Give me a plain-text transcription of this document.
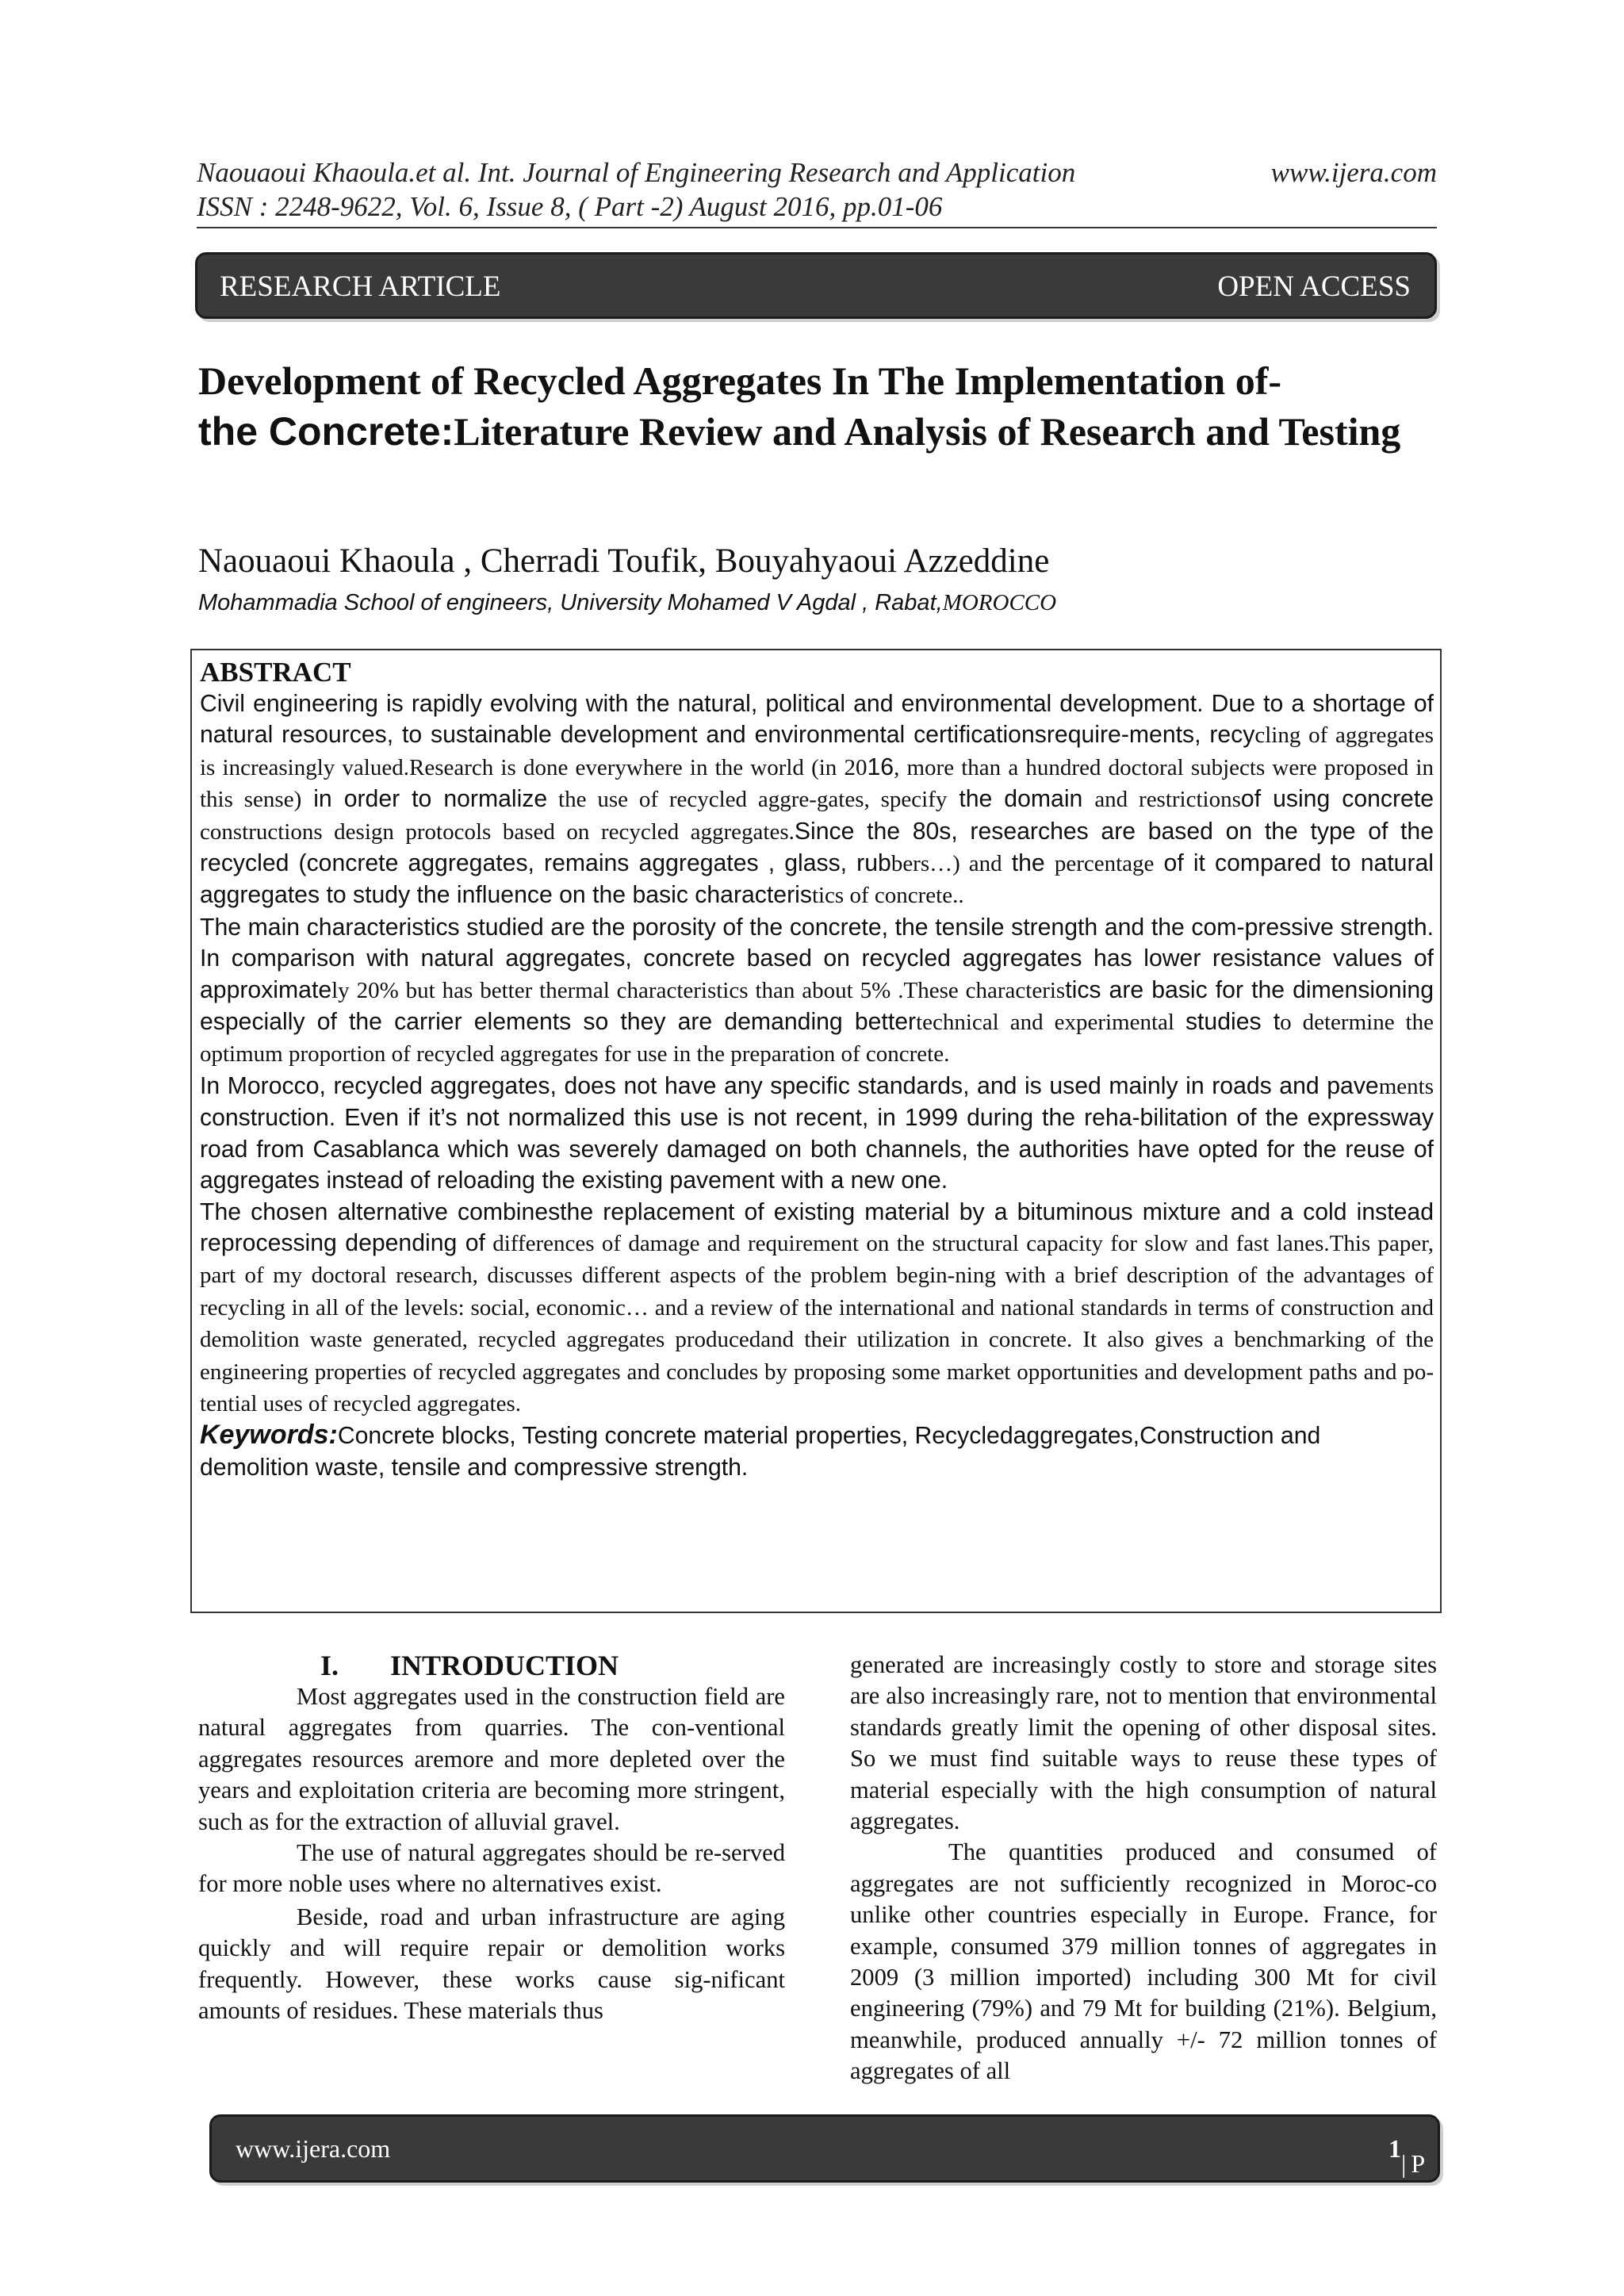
Naouaoui Khaoula.et al. Int. Journal of Engineering Research and Application
ISSN : 2248-9622, Vol. 6, Issue 8, ( Part -2) August 2016, pp.01-06
www.ijera.com
RESEARCH ARTICLE	OPEN ACCESS
Development of Recycled Aggregates In The Implementation of-
the Concrete:Literature Review and Analysis of Research and Testing
Naouaoui Khaoula , Cherradi Toufik, Bouyahyaoui Azzeddine
Mohammadia School of engineers, University Mohamed V Agdal , Rabat,MOROCCO
ABSTRACT

Civil engineering is rapidly evolving with the natural, political and environmental development. Due to a shortage of natural resources, to sustainable development and environmental certificationsrequire-ments, recycling of aggregates is increasingly valued.Research is done everywhere in the world (in 2016, more than a hundred doctoral subjects were proposed in this sense) in order to normalize the use of recycled aggre-gates, specify the domain and restrictionsof using concrete constructions design protocols based on recycled aggregates.Since the 80s, researches are based on the type of the recycled (concrete aggregates, remains aggregates , glass, rubbers…) and the percentage of it compared to natural aggregates to study the influence on the basic characteristics of concrete..

The main characteristics studied are the porosity of the concrete, the tensile strength and the com-pressive strength. In comparison with natural aggregates, concrete based on recycled aggregates has lower resistance values of approximately 20% but has better thermal characteristics than about 5% .These characteristics are basic for the dimensioning especially of the carrier elements so they are demanding bettertechnical and experimental studies to determine the optimum proportion of recycled aggregates for use in the preparation of concrete.

In Morocco, recycled aggregates, does not have any specific standards, and is used mainly in roads and pavements construction. Even if it’s not normalized this use is not recent, in 1999 during the reha-bilitation of the expressway road from Casablanca which was severely damaged on both channels, the authorities have opted for the reuse of aggregates instead of reloading the existing pavement with a new one.

The chosen alternative combinesthe replacement of existing material by a bituminous mixture and a cold instead reprocessing depending of differences of damage and requirement on the structural capacity for slow and fast lanes.This paper, part of my doctoral research, discusses different aspects of the problem begin-ning with a brief description of the advantages of recycling in all of the levels: social, economic… and a review of the international and national standards in terms of construction and demolition waste generated, recycled aggregates producedand their utilization in concrete. It also gives a benchmarking of the engineering properties of recycled aggregates and concludes by proposing some market opportunities and development paths and po-tential uses of recycled aggregates.

Keywords:Concrete blocks, Testing concrete material properties, Recycledaggregates,Construction and demolition waste, tensile and compressive strength.

I. INTRODUCTION

Most aggregates used in the construction field are natural aggregates from quarries. The con-ventional aggregates resources aremore and more depleted over the years and exploitation criteria are becoming more stringent, such as for the extraction of alluvial gravel.

The use of natural aggregates should be re-served for more noble uses where no alternatives exist.

Beside, road and urban infrastructure are aging quickly and will require repair or demolition works frequently. However, these works cause sig-nificant amounts of residues. These materials thus

generated are increasingly costly to store and storage sites are also increasingly rare, not to mention that environmental standards greatly limit the opening of other disposal sites. So we must find suitable ways to reuse these types of material especially with the high consumption of natural aggregates.

The quantities produced and consumed of aggregates are not sufficiently recognized in Moroc-co unlike other countries especially in Europe. France, for example, consumed 379 million tonnes of aggregates in 2009 (3 million imported) including 300 Mt for civil engineering (79%) and 79 Mt for building (21%). Belgium, meanwhile, produced annually +/- 72 million tonnes of aggregates of all

www.ijera.com	1
|P a g e
